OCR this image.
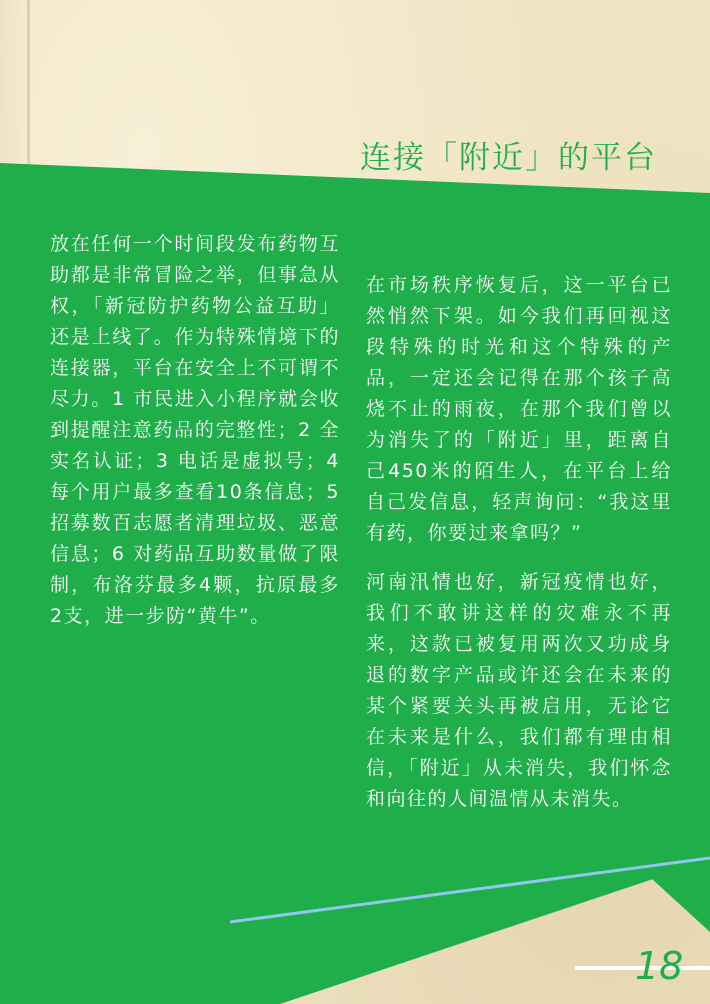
连接「附近」的平台

放在任何一个时间段发布药物互助都是非常冒险之举，但事急从权，「新冠防护药物公益互助」还是上线了。作为特殊情境下的连接器，平台在安全上不可谓不尽力。1 市民进入小程序就会收到提醒注意药品的完整性；2 全实名认证；3 电话是虚拟号；4 每个用户最多查看10条信息；5 招募数百志愿者清理垃圾、恶意信息；6 对药品互助数量做了限制，布洛芬最多4颗，抗原最多2支，进一步防“黄牛”。

在市场秩序恢复后，这一平台已然悄然下架。如今我们再回视这段特殊的时光和这个特殊的产品，一定还会记得在那个孩子高烧不止的雨夜，在那个我们曾以为消失了的「附近」里，距离自己450米的陌生人，在平台上给自己发信息，轻声询问：“我这里有药，你要过来拿吗？”

河南汛情也好，新冠疫情也好，我们不敢讲这样的灾难永不再来，这款已被复用两次又功成身退的数字产品或许还会在未来的某个紧要关头再被启用，无论它在未来是什么，我们都有理由相信，「附近」从未消失，我们怀念和向往的人间温情从未消失。

18
